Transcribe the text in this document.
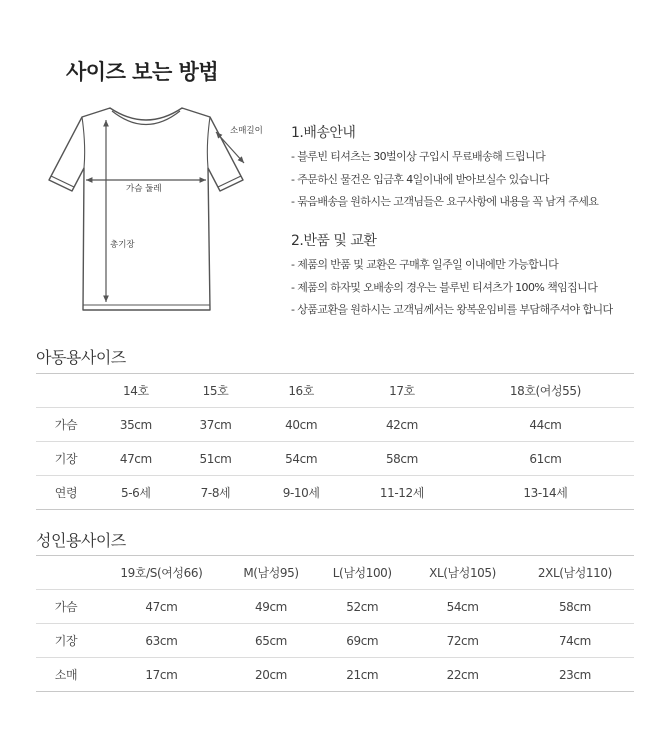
사이즈 보는 방법
소매길이
가슴 둘레
총기장
1.배송안내
- 블루빈 티셔츠는 30벌이상 구입시 무료배송해 드립니다
- 주문하신 물건은 입금후 4일이내에 받아보실수 있습니다
- 묶음배송을 원하시는 고객님들은 요구사항에 내용을 꼭 남겨 주세요
2.반품 및 교환
- 제품의 반품 및 교환은 구매후 일주일 이내에만 가능합니다
- 제품의 하자및 오배송의 경우는 블루빈 티셔츠가 100% 책임집니다
- 상품교환을 원하시는 고객님께서는 왕복운임비를 부담해주셔야 합니다
아동용사이즈
	14호	15호	16호	17호	18호(여성55)
가슴	35cm	37cm	40cm	42cm	44cm
기장	47cm	51cm	54cm	58cm	61cm
연령	5-6세	7-8세	9-10세	11-12세	13-14세
성인용사이즈
	19호/S(여성66)	M(남성95)	L(남성100)	XL(남성105)	2XL(남성110)
가슴	47cm	49cm	52cm	54cm	58cm
기장	63cm	65cm	69cm	72cm	74cm
소매	17cm	20cm	21cm	22cm	23cm
